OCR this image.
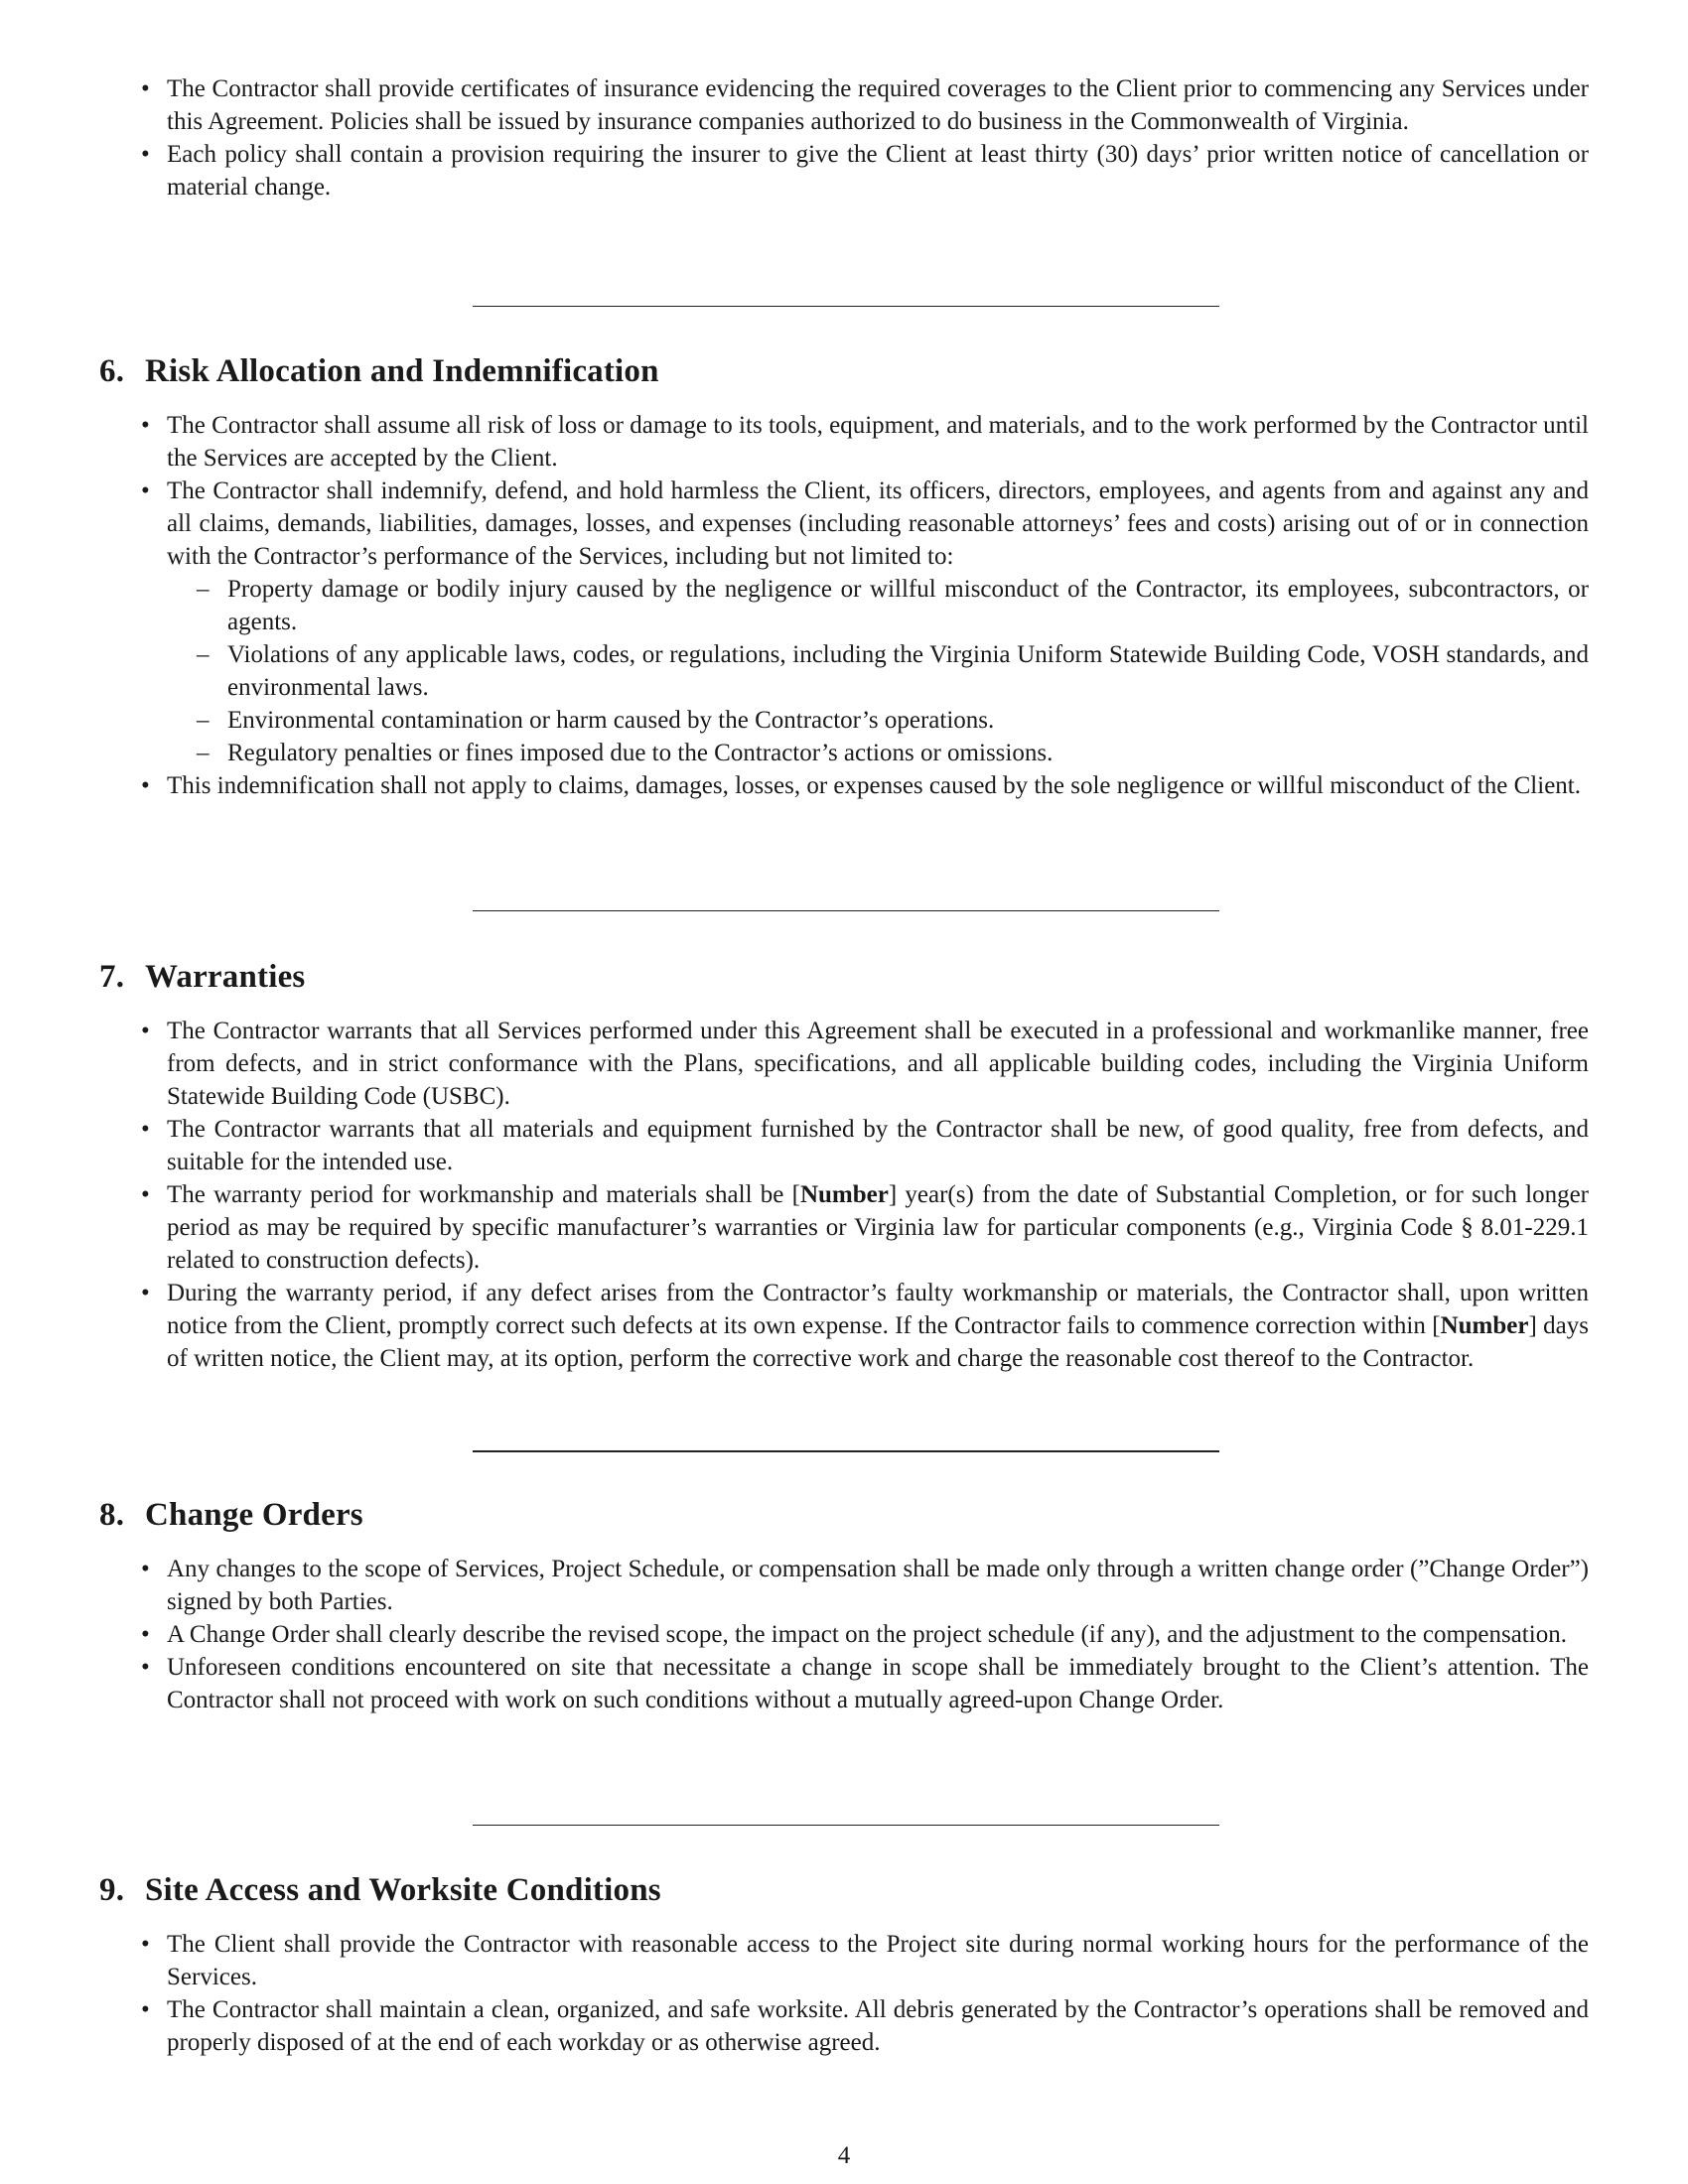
• The Contractor shall provide certificates of insurance evidencing the required coverages to the Client prior to commencing any Services under this Agreement. Policies shall be issued by insurance companies authorized to do business in the Commonwealth of Virginia.
• Each policy shall contain a provision requiring the insurer to give the Client at least thirty (30) days’ prior written notice of cancellation or material change.
6. Risk Allocation and Indemnification
• The Contractor shall assume all risk of loss or damage to its tools, equipment, and materials, and to the work performed by the Contractor until the Services are accepted by the Client.
• The Contractor shall indemnify, defend, and hold harmless the Client, its officers, directors, employees, and agents from and against any and all claims, demands, liabilities, damages, losses, and expenses (including reasonable attorneys’ fees and costs) arising out of or in connection with the Contractor’s performance of the Services, including but not limited to:
– Property damage or bodily injury caused by the negligence or willful misconduct of the Contractor, its employees, subcontractors, or agents.
– Violations of any applicable laws, codes, or regulations, including the Virginia Uniform Statewide Building Code, VOSH standards, and environmental laws.
– Environmental contamination or harm caused by the Contractor’s operations.
– Regulatory penalties or fines imposed due to the Contractor’s actions or omissions.
• This indemnification shall not apply to claims, damages, losses, or expenses caused by the sole negligence or willful misconduct of the Client.
7. Warranties
• The Contractor warrants that all Services performed under this Agreement shall be executed in a professional and workmanlike manner, free from defects, and in strict conformance with the Plans, specifications, and all applicable building codes, including the Virginia Uniform Statewide Building Code (USBC).
• The Contractor warrants that all materials and equipment furnished by the Contractor shall be new, of good quality, free from defects, and suitable for the intended use.
• The warranty period for workmanship and materials shall be [Number] year(s) from the date of Substantial Completion, or for such longer period as may be required by specific manufacturer’s warranties or Virginia law for particular components (e.g., Virginia Code § 8.01-229.1 related to construction defects).
• During the warranty period, if any defect arises from the Contractor’s faulty workmanship or materials, the Contractor shall, upon written notice from the Client, promptly correct such defects at its own expense. If the Contractor fails to commence correction within [Number] days of written notice, the Client may, at its option, perform the corrective work and charge the reasonable cost thereof to the Contractor.
8. Change Orders
• Any changes to the scope of Services, Project Schedule, or compensation shall be made only through a written change order (”Change Order”) signed by both Parties.
• A Change Order shall clearly describe the revised scope, the impact on the project schedule (if any), and the adjustment to the compensation.
• Unforeseen conditions encountered on site that necessitate a change in scope shall be immediately brought to the Client’s attention. The Contractor shall not proceed with work on such conditions without a mutually agreed-upon Change Order.
9. Site Access and Worksite Conditions
• The Client shall provide the Contractor with reasonable access to the Project site during normal working hours for the performance of the Services.
• The Contractor shall maintain a clean, organized, and safe worksite. All debris generated by the Contractor’s operations shall be removed and properly disposed of at the end of each workday or as otherwise agreed.
4
